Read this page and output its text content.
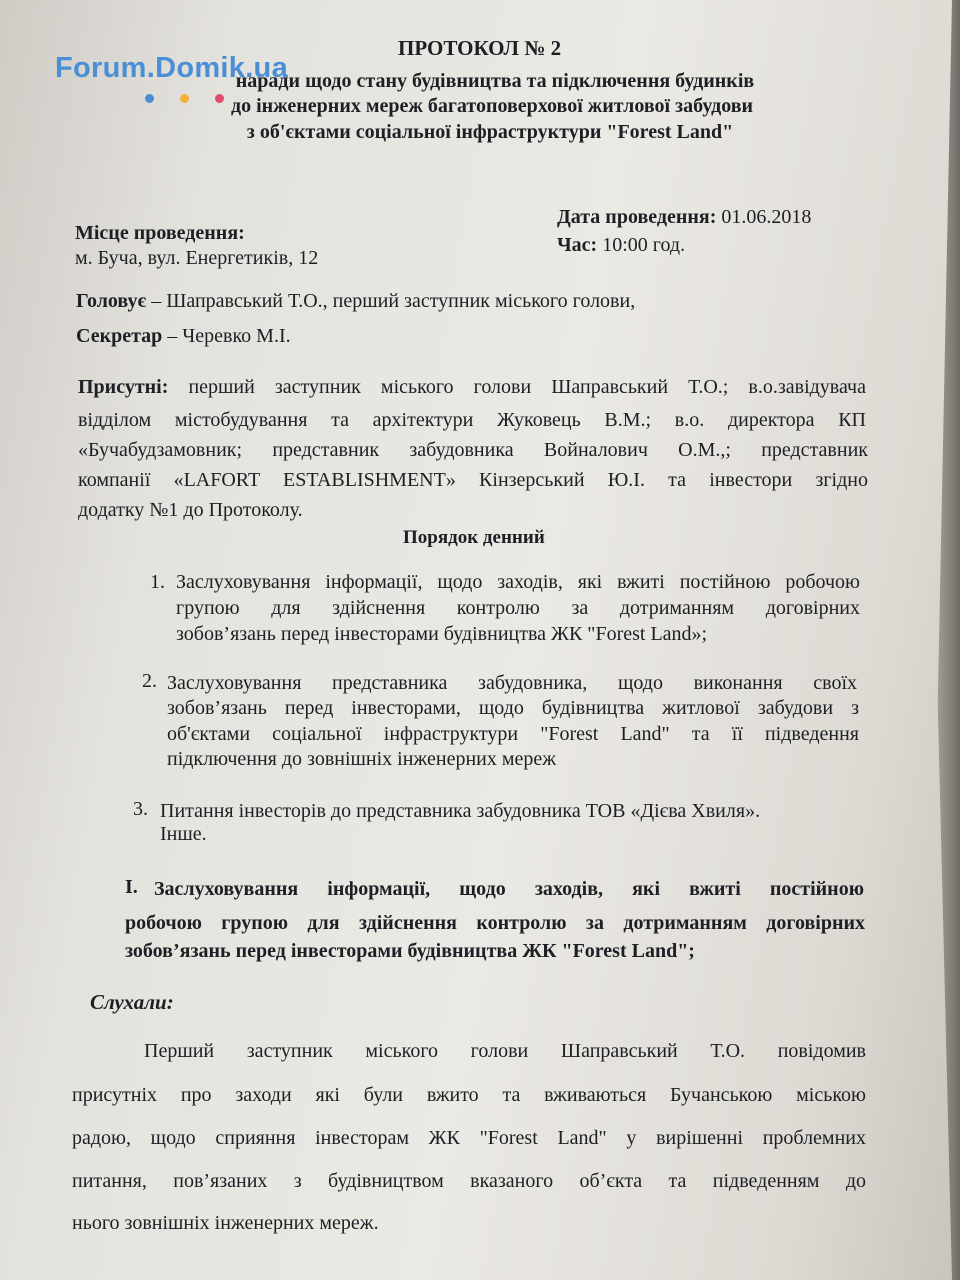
Forum.Domik.ua
ПРОТОКОЛ № 2
наради щодо стану будівництва та підключення будинків
до інженерних мереж багатоповерхової житлової забудови
з об'єктами соціальної інфраструктури "Forest Land"
Місце проведення:
м. Буча, вул. Енергетиків, 12
Дата проведення: 01.06.2018
Час: 10:00 год.
Головує – Шаправський Т.О., перший заступник міського голови,
Секретар – Черевко М.І.
Присутні: перший заступник міського голови Шаправський Т.О.; в.о.завідувача
відділом містобудування та архітектури Жуковець В.М.; в.о. директора КП
«Бучабудзамовник; представник забудовника Войналович О.М.,; представник
компанії «LAFORT ESTABLISHMENT» Кінзерський Ю.І. та інвестори згідно
додатку №1 до Протоколу.
Порядок денний
1. Заслуховування інформації, щодо заходів, які вжиті постійною робочою
групою для здійснення контролю за дотриманням договірних
зобов’язань перед інвесторами будівництва ЖК "Forest Land»;
2. Заслуховування представника забудовника, щодо виконання своїх
зобов’язань перед інвесторами, щодо будівництва житлової забудови з
об'єктами соціальної інфраструктури "Forest Land" та її підведення
підключення до зовнішніх інженерних мереж
3. Питання інвесторів до представника забудовника ТОВ «Дієва Хвиля».
Інше.
I. Заслуховування інформації, щодо заходів, які вжиті постійною
робочою групою для здійснення контролю за дотриманням договірних
зобов’язань перед інвесторами будівництва ЖК "Forest Land";
Слухали:
Перший заступник міського голови Шаправський Т.О. повідомив
присутніх про заходи які були вжито та вживаються Бучанською міською
радою, щодо сприяння інвесторам ЖК "Forest Land" у вирішенні проблемних
питання, пов’язаних з будівництвом вказаного об’єкта та підведенням до
нього зовнішніх інженерних мереж.
